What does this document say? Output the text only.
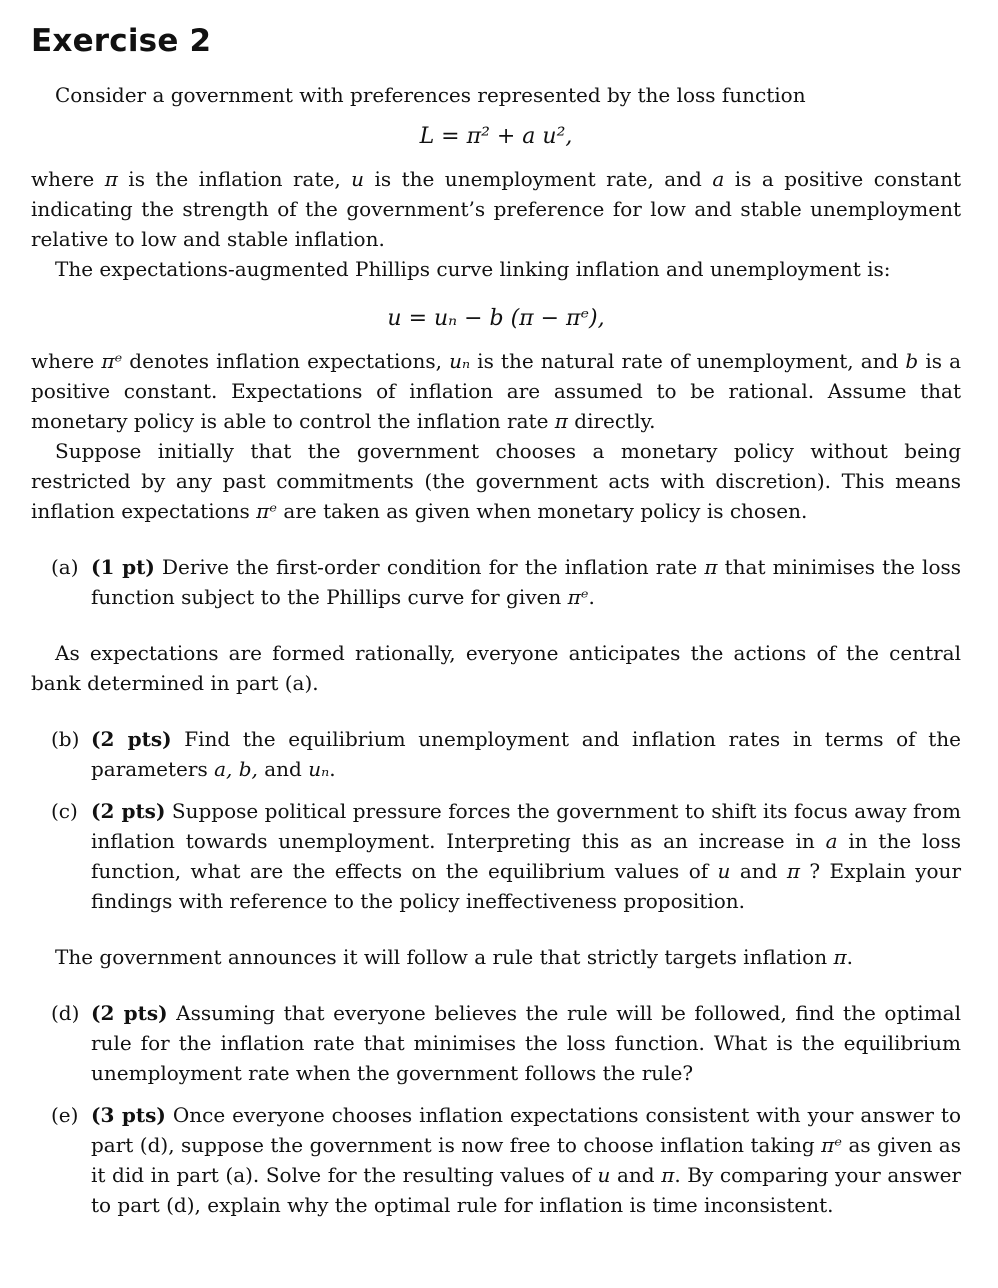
Exercise 2

Consider a government with preferences represented by the loss function

L = π² + a u²,

where π is the inflation rate, u is the unemployment rate, and a is a positive constant indicating the strength of the government’s preference for low and stable unemployment relative to low and stable inflation.

The expectations-augmented Phillips curve linking inflation and unemployment is:

u = uₙ − b (π − πᵉ),

where πᵉ denotes inflation expectations, uₙ is the natural rate of unemployment, and b is a positive constant. Expectations of inflation are assumed to be rational. Assume that monetary policy is able to control the inflation rate π directly.

Suppose initially that the government chooses a monetary policy without being restricted by any past commitments (the government acts with discretion). This means inflation expectations πᵉ are taken as given when monetary policy is chosen.

(a) (1 pt) Derive the first-order condition for the inflation rate π that minimises the loss function subject to the Phillips curve for given πᵉ.

As expectations are formed rationally, everyone anticipates the actions of the central bank determined in part (a).

(b) (2 pts) Find the equilibrium unemployment and inflation rates in terms of the parameters a, b, and uₙ.
(c) (2 pts) Suppose political pressure forces the government to shift its focus away from inflation towards unemployment. Interpreting this as an increase in a in the loss function, what are the effects on the equilibrium values of u and π ? Explain your findings with reference to the policy ineffectiveness proposition.

The government announces it will follow a rule that strictly targets inflation π.

(d) (2 pts) Assuming that everyone believes the rule will be followed, find the optimal rule for the inflation rate that minimises the loss function. What is the equilibrium unemployment rate when the government follows the rule?
(e) (3 pts) Once everyone chooses inflation expectations consistent with your answer to part (d), suppose the government is now free to choose inflation taking πᵉ as given as it did in part (a). Solve for the resulting values of u and π. By comparing your answer to part (d), explain why the optimal rule for inflation is time inconsistent.
